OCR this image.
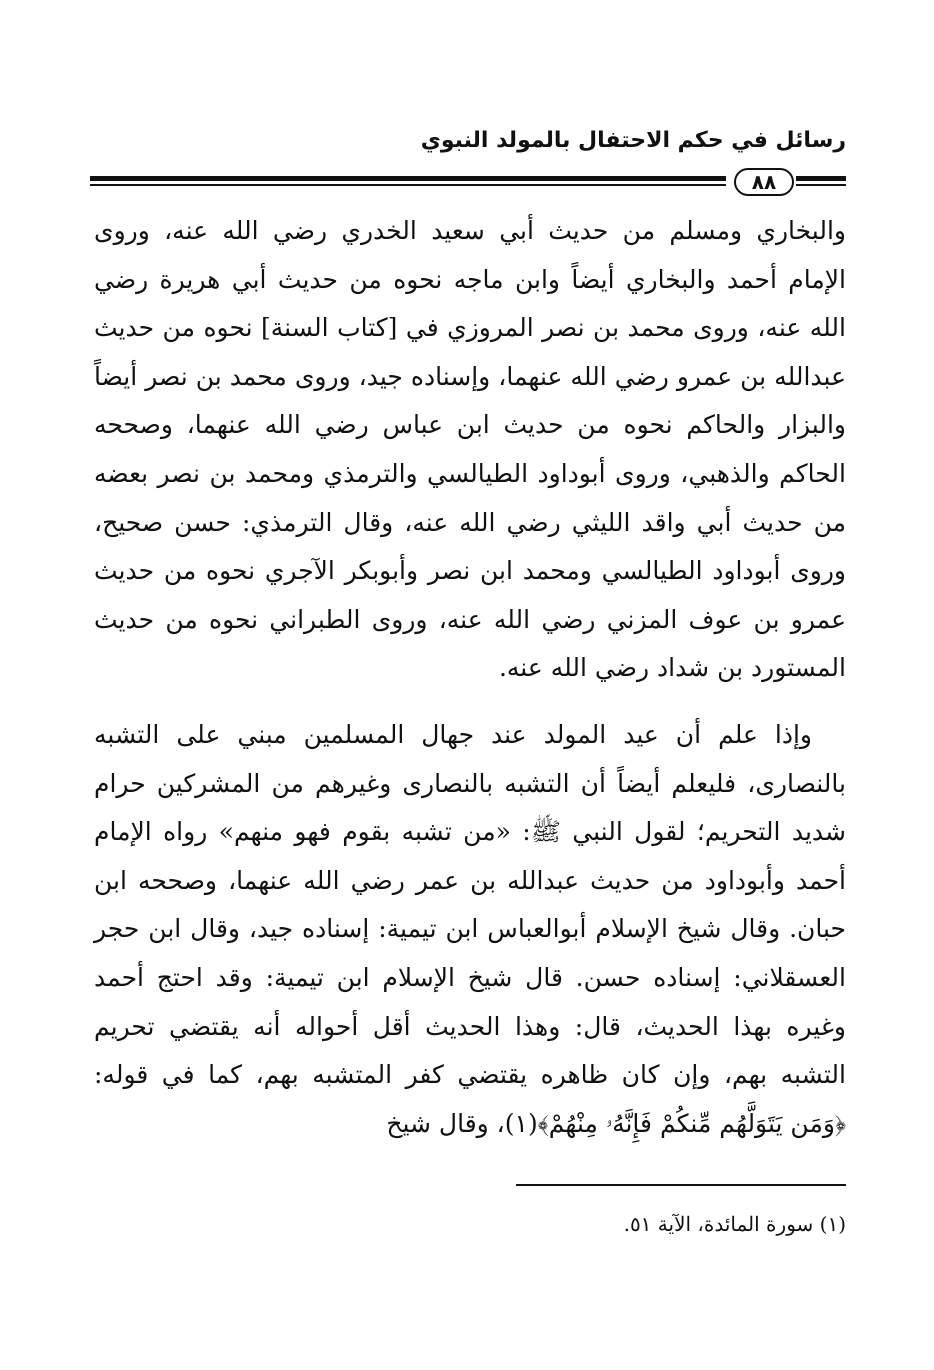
رسائل في حكم الاحتفال بالمولد النبوي
٨٨

والبخاري ومسلم من حديث أبي سعيد الخدري رضي الله عنه، وروى الإمام أحمد والبخاري أيضاً وابن ماجه نحوه من حديث أبي هريرة رضي الله عنه، وروى محمد بن نصر المروزي في [كتاب السنة] نحوه من حديث عبدالله بن عمرو رضي الله عنهما، وإسناده جيد، وروى محمد بن نصر أيضاً والبزار والحاكم نحوه من حديث ابن عباس رضي الله عنهما، وصححه الحاكم والذهبي، وروى أبوداود الطيالسي والترمذي ومحمد بن نصر بعضه من حديث أبي واقد الليثي رضي الله عنه، وقال الترمذي: حسن صحيح، وروى أبوداود الطيالسي ومحمد ابن نصر وأبوبكر الآجري نحوه من حديث عمرو بن عوف المزني رضي الله عنه، وروى الطبراني نحوه من حديث المستورد بن شداد رضي الله عنه.

وإذا علم أن عيد المولد عند جهال المسلمين مبني على التشبه بالنصارى، فليعلم أيضاً أن التشبه بالنصارى وغيرهم من المشركين حرام شديد التحريم؛ لقول النبي ﷺ: «من تشبه بقوم فهو منهم» رواه الإمام أحمد وأبوداود من حديث عبدالله بن عمر رضي الله عنهما، وصححه ابن حبان. وقال شيخ الإسلام أبوالعباس ابن تيمية: إسناده جيد، وقال ابن حجر العسقلاني: إسناده حسن. قال شيخ الإسلام ابن تيمية: وقد احتج أحمد وغيره بهذا الحديث، قال: وهذا الحديث أقل أحواله أنه يقتضي تحريم التشبه بهم، وإن كان ظاهره يقتضي كفر المتشبه بهم، كما في قوله: ﴿وَمَن يَتَوَلَّهُم مِّنكُمْ فَإِنَّهُۥ مِنْهُمْ﴾(١)، وقال شيخ

(١) سورة المائدة، الآية ٥١.
